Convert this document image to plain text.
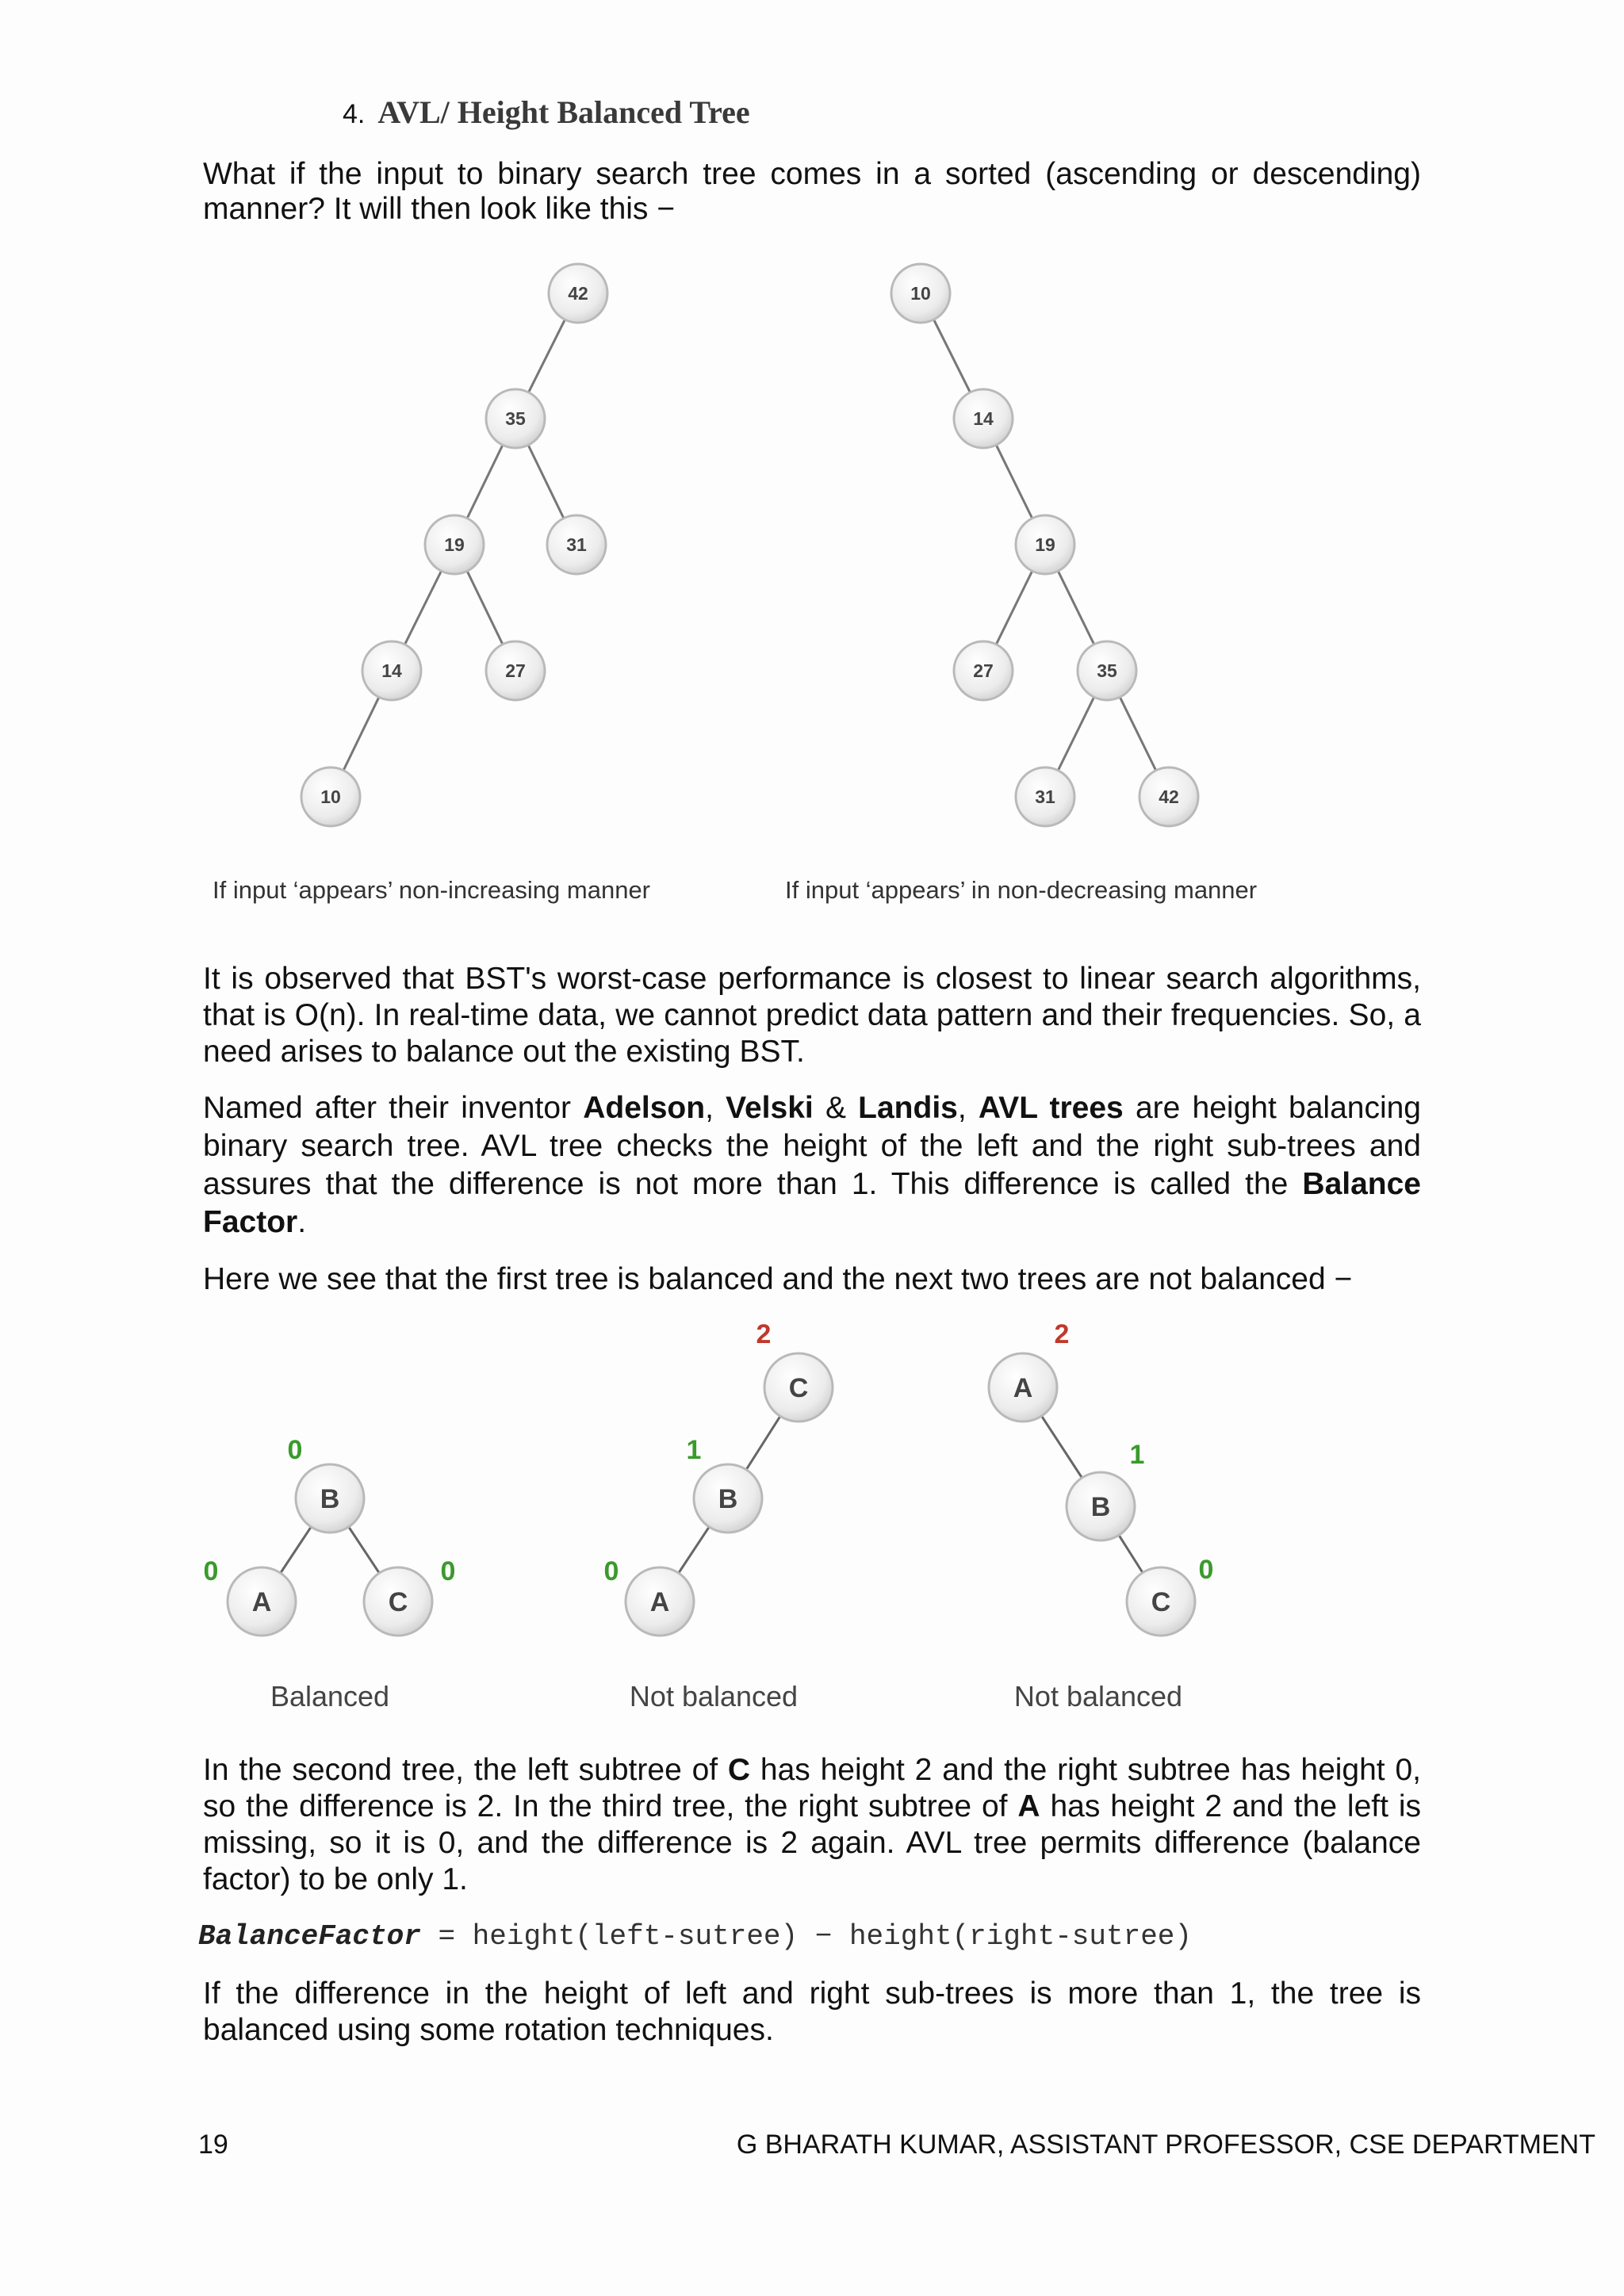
4. AVL/ Height Balanced Tree
What if the input to binary search tree comes in a sorted (ascending or descending)
manner? It will then look like this −
42
35
19	31
14	27
10
10
14
19
27	35
31	42
If input ‘appears’ non-increasing manner	If input ‘appears’ in non-decreasing manner
It is observed that BST's worst-case performance is closest to linear search algorithms, that is O(n). In real-time data, we cannot predict data pattern and their frequencies. So, a need arises to balance out the existing BST.
Named after their inventor Adelson, Velski & Landis, AVL trees are height balancing binary search tree. AVL tree checks the height of the left and the right sub-trees and assures that the difference is not more than 1. This difference is called the Balance Factor.
Here we see that the first tree is balanced and the next two trees are not balanced −
B
A	C
C
B
A
A
B
C
0
0	0
2
1
0
2
1
0
Balanced	Not balanced	Not balanced
In the second tree, the left subtree of C has height 2 and the right subtree has height 0, so the difference is 2. In the third tree, the right subtree of A has height 2 and the left is missing, so it is 0, and the difference is 2 again. AVL tree permits difference (balance factor) to be only 1.
BalanceFactor = height(left-sutree) − height(right-sutree)
If the difference in the height of left and right sub-trees is more than 1, the tree is balanced using some rotation techniques.
19	G BHARATH KUMAR, ASSISTANT PROFESSOR, CSE DEPARTMENT
